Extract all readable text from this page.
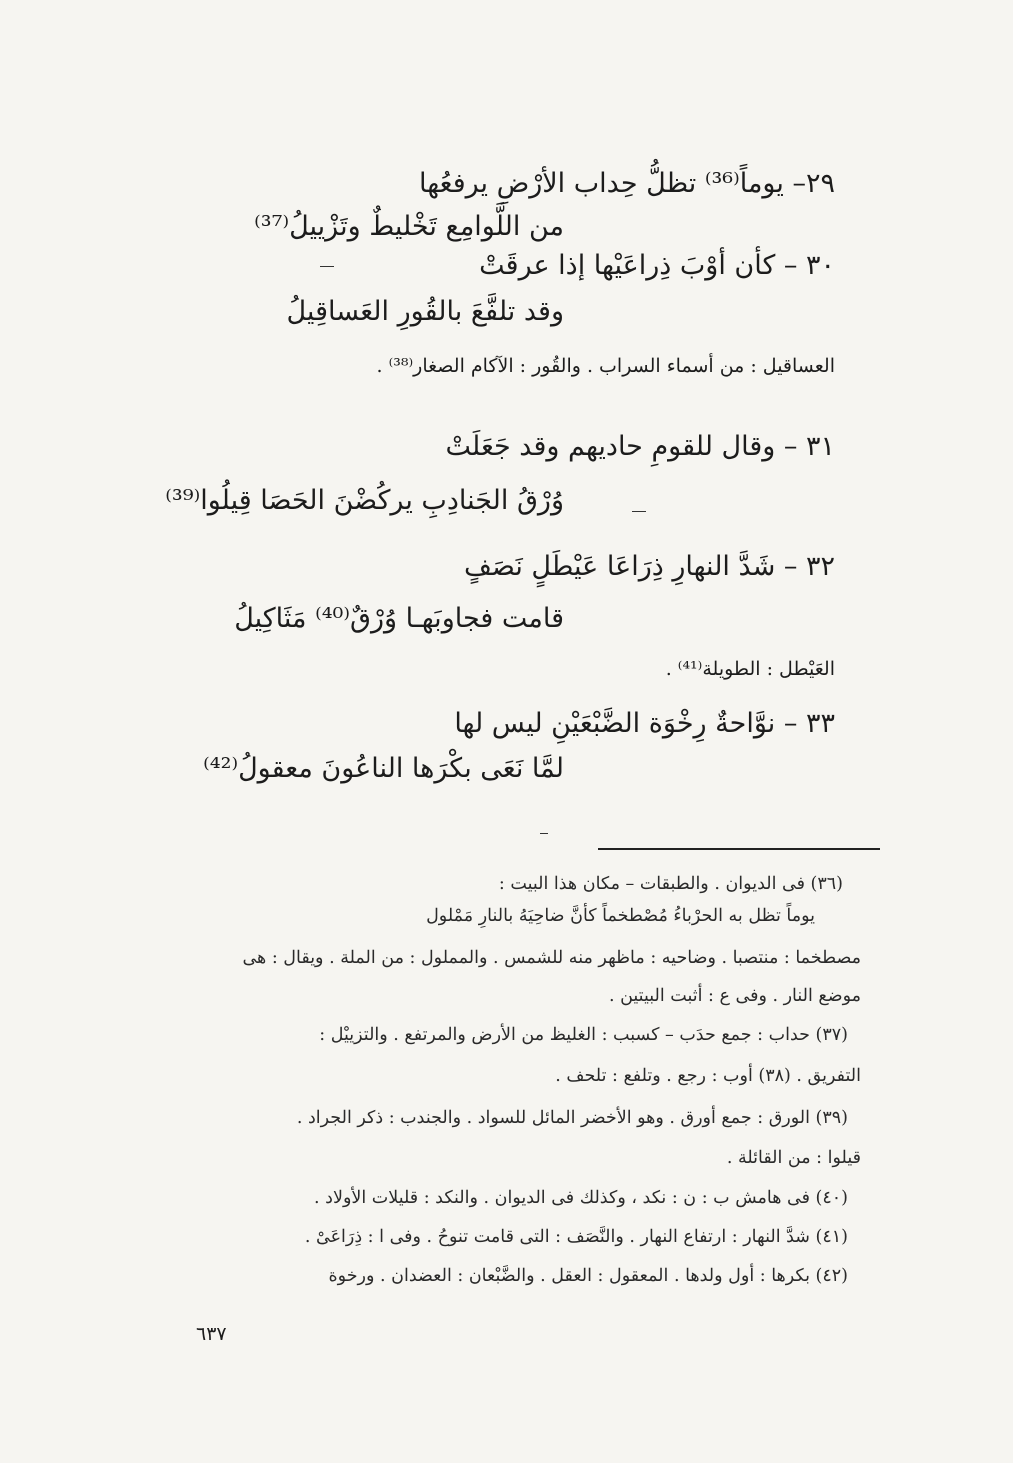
٢٩– يوماً⁽³⁶⁾ تظلُّ حِداب الأرْضِ يرفعُها
من اللَّوامِع تَخْليطٌ وتَزْييلُ⁽³⁷⁾
٣٠ – كأن أوْبَ ذِراعَيْها إذا عرقَتْ
وقد تلفَّعَ بالقُورِ العَساقِيلُ
العساقيل : من أسماء السراب . والقُور : الآكام الصغار⁽³⁸⁾ .
٣١ – وقال للقومِ حاديهم وقد جَعَلَتْ
وُرْقُ الجَنادِبِ يركُضْنَ الحَصَا قِيلُوا⁽³⁹⁾
٣٢ – شَدَّ النهارِ ذِرَاعَا عَيْطَلٍ نَصَفٍ
قامت فجاوبَهـا وُرْقٌ⁽⁴⁰⁾ مَثَاكِيلُ
العَيْطل : الطويلة⁽⁴¹⁾ .
٣٣ – نوَّاحةٌ رِخْوَة الضَّبْعَيْنِ ليس لها
لمَّا نَعَى بكْرَها الناعُونَ معقولُ⁽⁴²⁾
(٣٦) فى الديوان . والطبقات – مكان هذا البيت :
يوماً تظل به الحرْباءُ مُصْطخماً كأنَّ ضاحِيَهُ بالنارِ مَمْلول
مصطخما : منتصبا . وضاحيه : ماظهر منه للشمس . والمملول : من الملة . ويقال : هى
موضع النار . وفى ع : أثبت البيتين .
(٣٧) حداب : جمع حدَب – كسبب : الغليظ من الأرض والمرتفع . والتزييْل :
التفريق . (٣٨) أوب : رجع . وتلفع : تلحف .
(٣٩) الورق : جمع أورق . وهو الأخضر المائل للسواد . والجندب : ذكر الجراد .
قيلوا : من القائلة .
(٤٠) فى هامش ب : ن : نكد ، وكذلك فى الديوان . والنكد : قليلات الأولاد .
(٤١) شدَّ النهار : ارتفاع النهار . والنَّصَف : التى قامت تنوحُ . وفى ا : ذِرَاعَىْ .
(٤٢) بكرها : أول ولدها . المعقول : العقل . والضَّبْعان : العضدان . ورخوة
٦٣٧
